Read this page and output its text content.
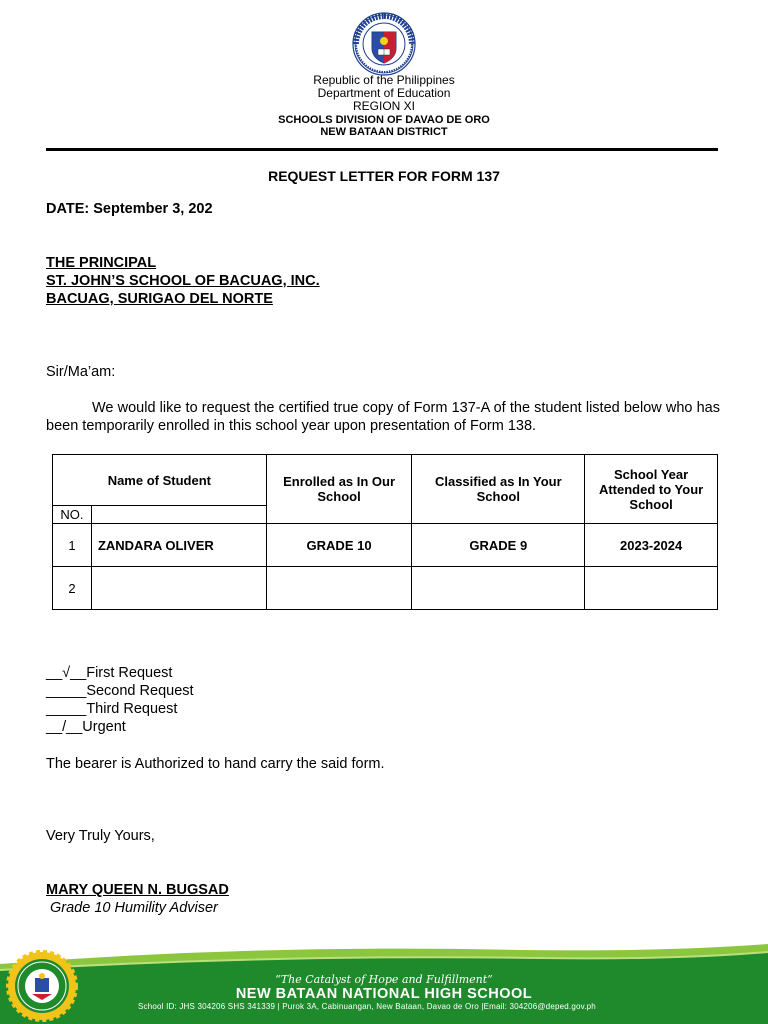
Republic of the Philippines
Department of Education
REGION XI
SCHOOLS DIVISION OF DAVAO DE ORO
NEW BATAAN DISTRICT
REQUEST LETTER FOR FORM 137
DATE: September 3, 202
THE PRINCIPAL
ST. JOHN’S SCHOOL OF BACUAG, INC.
BACUAG, SURIGAO DEL NORTE
Sir/Ma’am:
We would like to request the certified true copy of Form 137-A of the student listed below who has been temporarily enrolled in this school year upon presentation of Form 138.
Name of Student		Enrolled as In Our School	Classified as In Your School	School Year Attended to Your School
NO.				
1	ZANDARA OLIVER	GRADE 10	GRADE 9	2023-2024
2				
__√__First Request
_____Second Request
_____Third Request
__/__Urgent
The bearer is Authorized to hand carry the said form.
Very Truly Yours,
MARY QUEEN N. BUGSAD
Grade 10 Humility Adviser
“The Catalyst of Hope and Fulfillment”
NEW BATAAN NATIONAL HIGH SCHOOL
School ID: JHS 304206 SHS 341339 | Purok 3A, Cabinuangan, New Bataan, Davao de Oro |Email: 304206@deped.gov.ph
